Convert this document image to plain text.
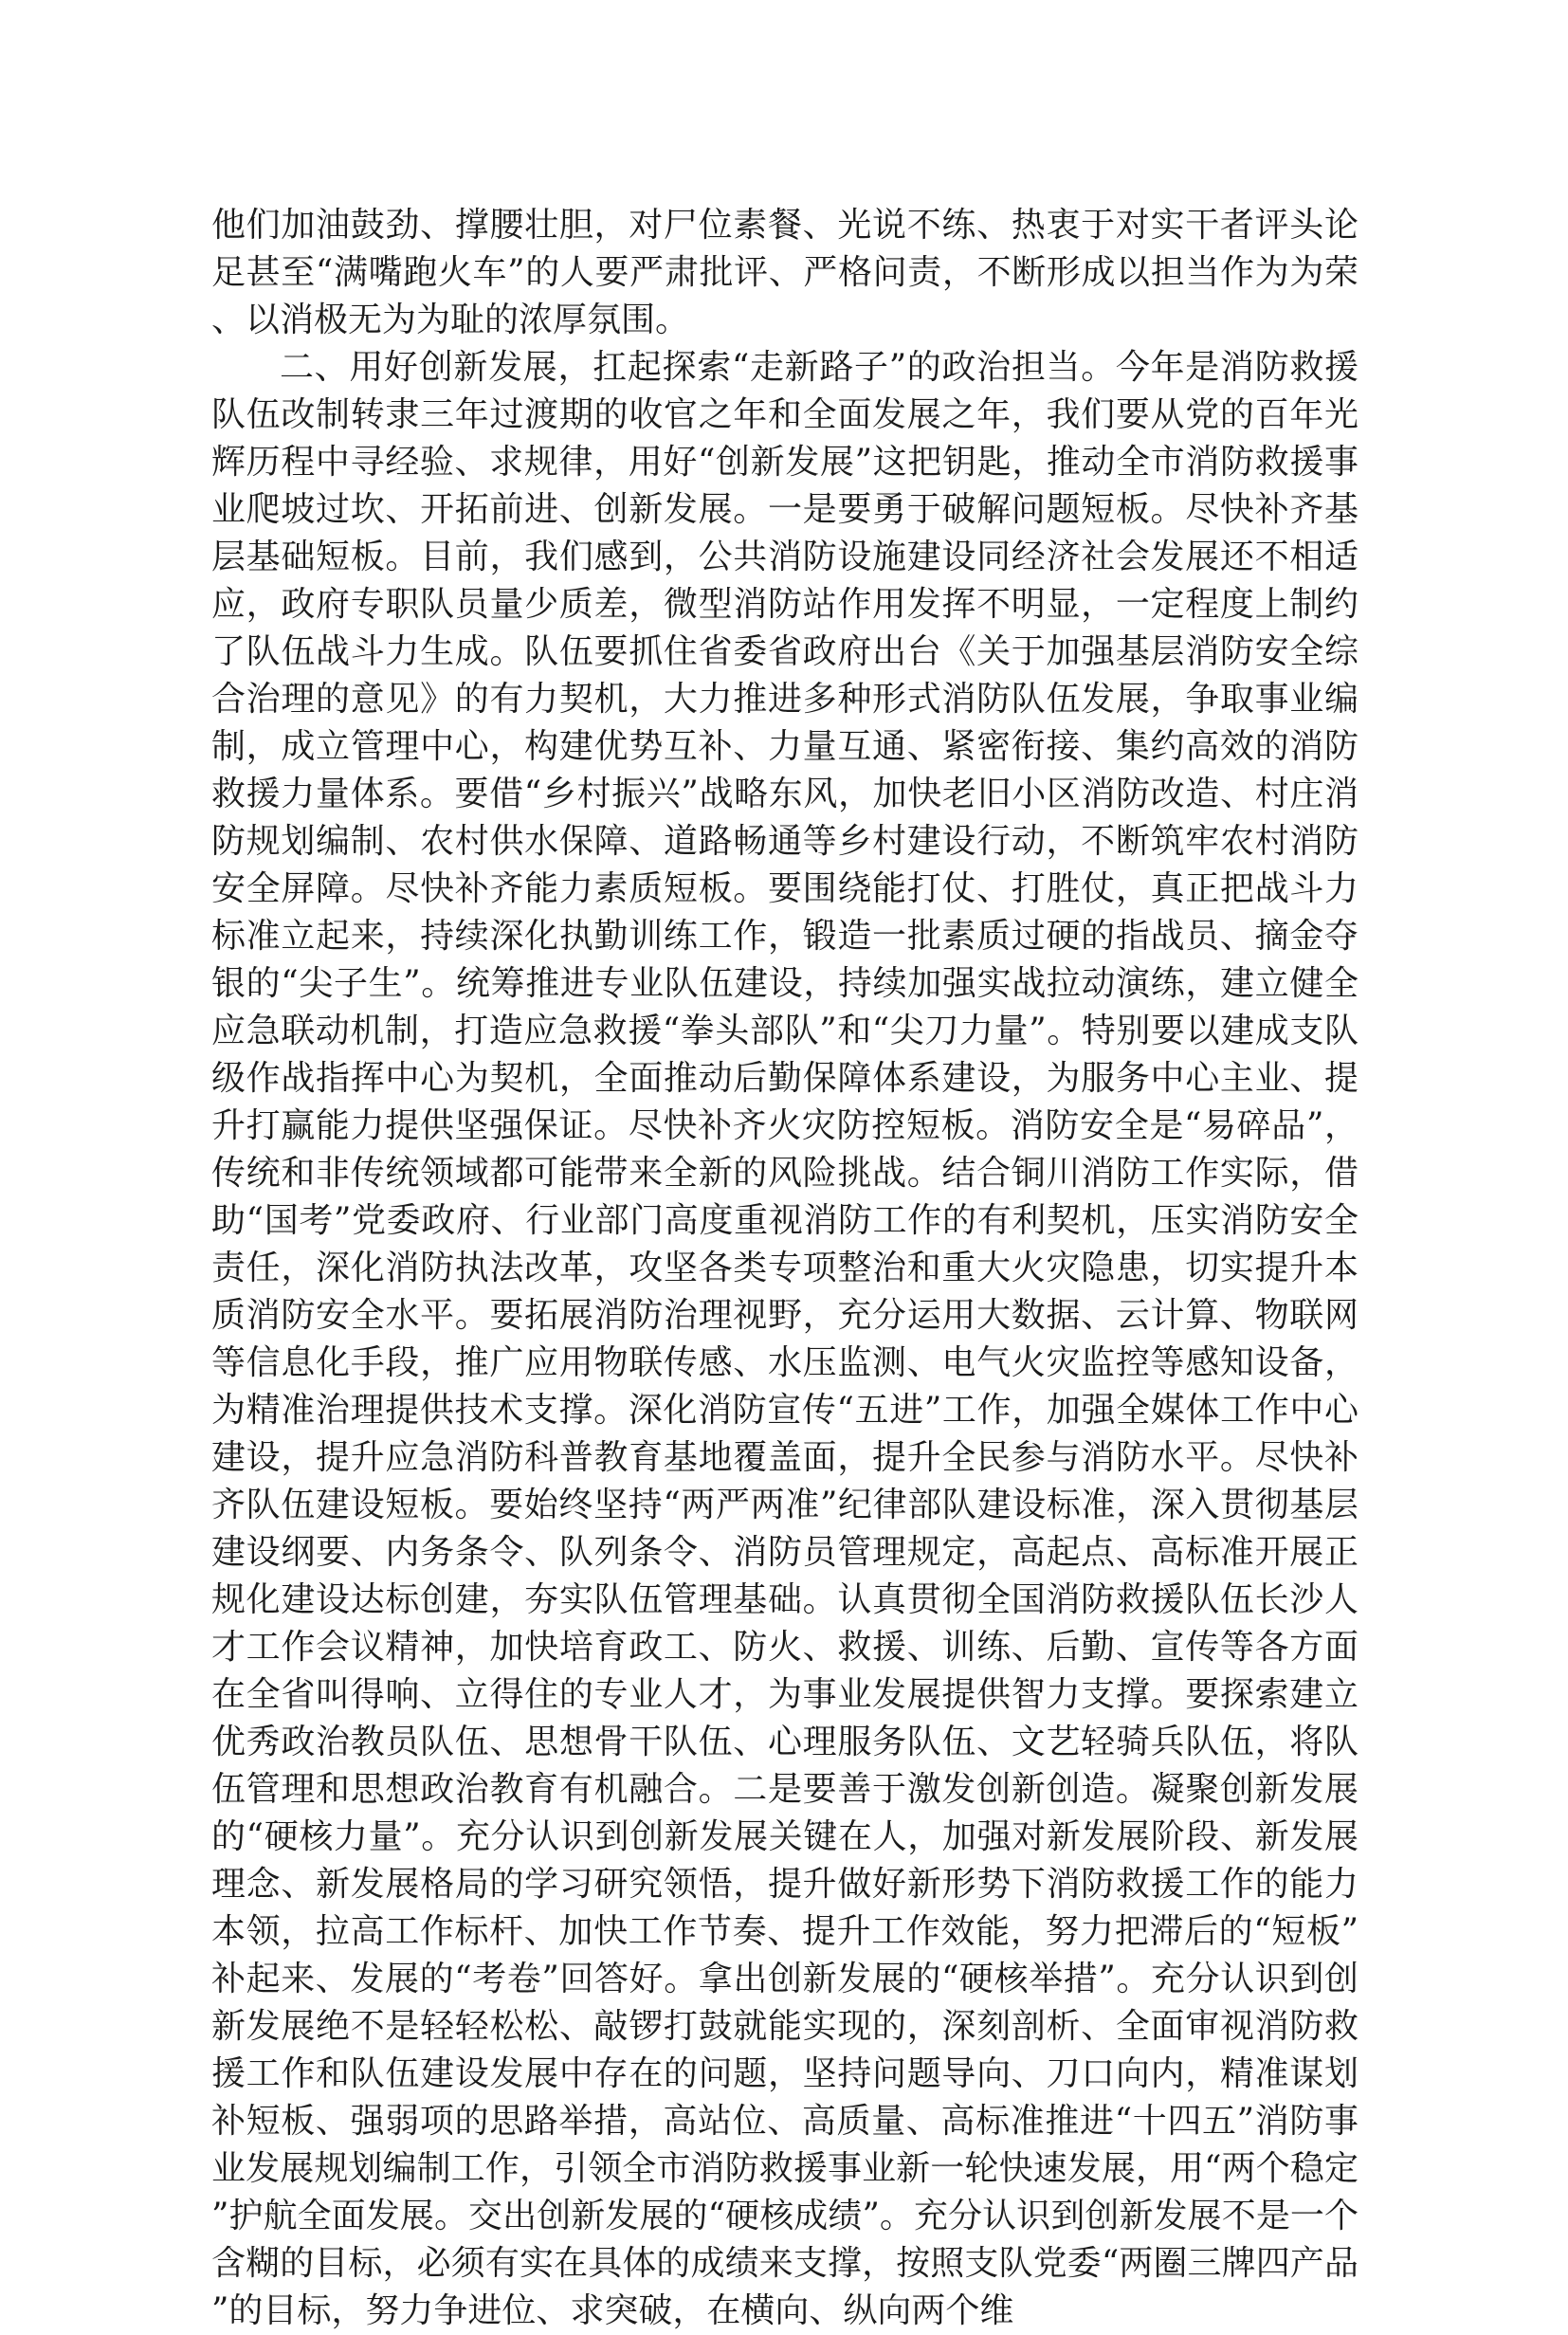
他们加油鼓劲、撑腰壮胆，对尸位素餐、光说不练、热衷于对实干者评头论足甚至“满嘴跑火车”的人要严肃批评、严格问责，不断形成以担当作为为荣、以消极无为为耻的浓厚氛围。

二、用好创新发展，扛起探索“走新路子”的政治担当。今年是消防救援队伍改制转隶三年过渡期的收官之年和全面发展之年，我们要从党的百年光辉历程中寻经验、求规律，用好“创新发展”这把钥匙，推动全市消防救援事业爬坡过坎、开拓前进、创新发展。一是要勇于破解问题短板。尽快补齐基层基础短板。目前，我们感到，公共消防设施建设同经济社会发展还不相适应，政府专职队员量少质差，微型消防站作用发挥不明显，一定程度上制约了队伍战斗力生成。队伍要抓住省委省政府出台《关于加强基层消防安全综合治理的意见》的有力契机，大力推进多种形式消防队伍发展，争取事业编制，成立管理中心，构建优势互补、力量互通、紧密衔接、集约高效的消防救援力量体系。要借“乡村振兴”战略东风，加快老旧小区消防改造、村庄消防规划编制、农村供水保障、道路畅通等乡村建设行动，不断筑牢农村消防安全屏障。尽快补齐能力素质短板。要围绕能打仗、打胜仗，真正把战斗力标准立起来，持续深化执勤训练工作，锻造一批素质过硬的指战员、摘金夺银的“尖子生”。统筹推进专业队伍建设，持续加强实战拉动演练，建立健全应急联动机制，打造应急救援“拳头部队”和“尖刀力量”。特别要以建成支队级作战指挥中心为契机，全面推动后勤保障体系建设，为服务中心主业、提升打赢能力提供坚强保证。尽快补齐火灾防控短板。消防安全是“易碎品”，传统和非传统领域都可能带来全新的风险挑战。结合铜川消防工作实际，借助“国考”党委政府、行业部门高度重视消防工作的有利契机，压实消防安全责任，深化消防执法改革，攻坚各类专项整治和重大火灾隐患，切实提升本质消防安全水平。要拓展消防治理视野，充分运用大数据、云计算、物联网等信息化手段，推广应用物联传感、水压监测、电气火灾监控等感知设备，为精准治理提供技术支撑。深化消防宣传“五进”工作，加强全媒体工作中心建设，提升应急消防科普教育基地覆盖面，提升全民参与消防水平。尽快补齐队伍建设短板。要始终坚持“两严两准”纪律部队建设标准，深入贯彻基层建设纲要、内务条令、队列条令、消防员管理规定，高起点、高标准开展正规化建设达标创建，夯实队伍管理基础。认真贯彻全国消防救援队伍长沙人才工作会议精神，加快培育政工、防火、救援、训练、后勤、宣传等各方面在全省叫得响、立得住的专业人才，为事业发展提供智力支撑。要探索建立优秀政治教员队伍、思想骨干队伍、心理服务队伍、文艺轻骑兵队伍，将队伍管理和思想政治教育有机融合。二是要善于激发创新创造。凝聚创新发展的“硬核力量”。充分认识到创新发展关键在人，加强对新发展阶段、新发展理念、新发展格局的学习研究领悟，提升做好新形势下消防救援工作的能力本领，拉高工作标杆、加快工作节奏、提升工作效能，努力把滞后的“短板”补起来、发展的“考卷”回答好。拿出创新发展的“硬核举措”。充分认识到创新发展绝不是轻轻松松、敲锣打鼓就能实现的，深刻剖析、全面审视消防救援工作和队伍建设发展中存在的问题，坚持问题导向、刀口向内，精准谋划补短板、强弱项的思路举措，高站位、高质量、高标准推进“十四五”消防事业发展规划编制工作，引领全市消防救援事业新一轮快速发展，用“两个稳定”护航全面发展。交出创新发展的“硬核成绩”。充分认识到创新发展不是一个含糊的目标，必须有实在具体的成绩来支撑，按照支队党委“两圈三牌四产品”的目标，努力争进位、求突破，在横向、纵向两个维
